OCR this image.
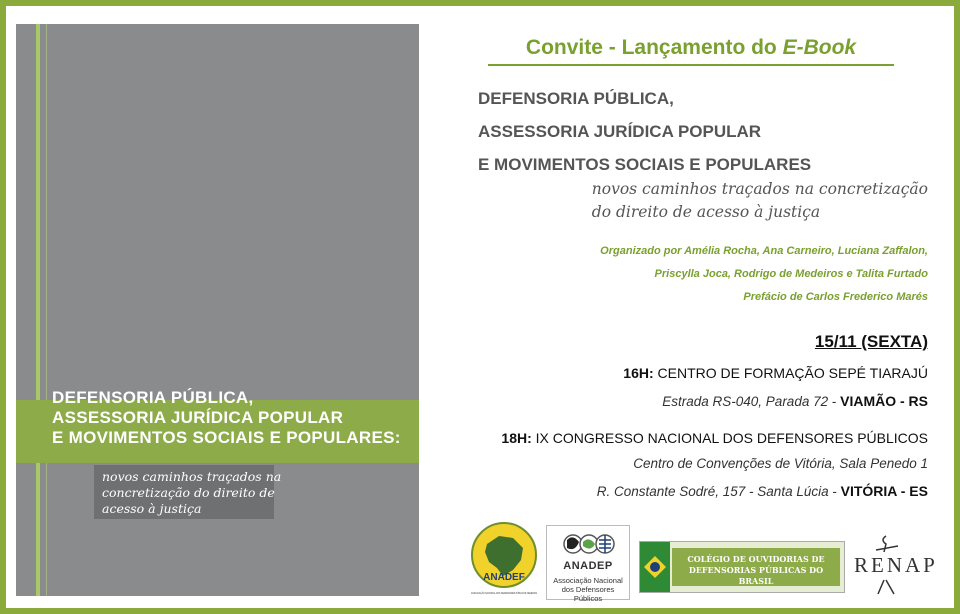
DEFENSORIA PÚBLICA,
ASSESSORIA JURÍDICA POPULAR
E MOVIMENTOS SOCIAIS E POPULARES:
novos caminhos traçados na
concretização do direito de
acesso à justiça
Convite - Lançamento do E-Book
DEFENSORIA PÚBLICA,
ASSESSORIA JURÍDICA POPULAR
E MOVIMENTOS SOCIAIS E POPULARES
novos caminhos traçados na concretização
do direito de acesso à justiça
Organizado por Amélia Rocha, Ana Carneiro, Luciana Zaffalon,
Priscylla Joca, Rodrigo de Medeiros e Talita Furtado
Prefácio de Carlos Frederico Marés
15/11 (SEXTA)
16H: CENTRO DE FORMAÇÃO SEPÉ TIARAJÚ
Estrada RS-040, Parada 72 - VIAMÃO - RS
18H: IX CONGRESSO NACIONAL DOS DEFENSORES PÚBLICOS
Centro de Convenções de Vitória, Sala Penedo 1
R. Constante Sodré, 157 - Santa Lúcia - VITÓRIA - ES
ANADEF
ASSOCIAÇÃO NACIONAL DOS DEFENSORES PÚBLICOS FEDERAIS
ANADEP
Associação Nacional
dos Defensores Públicos
COLÉGIO DE OUVIDORIAS DE
DEFENSORIAS PÚBLICAS DO BRASIL
RENAP
